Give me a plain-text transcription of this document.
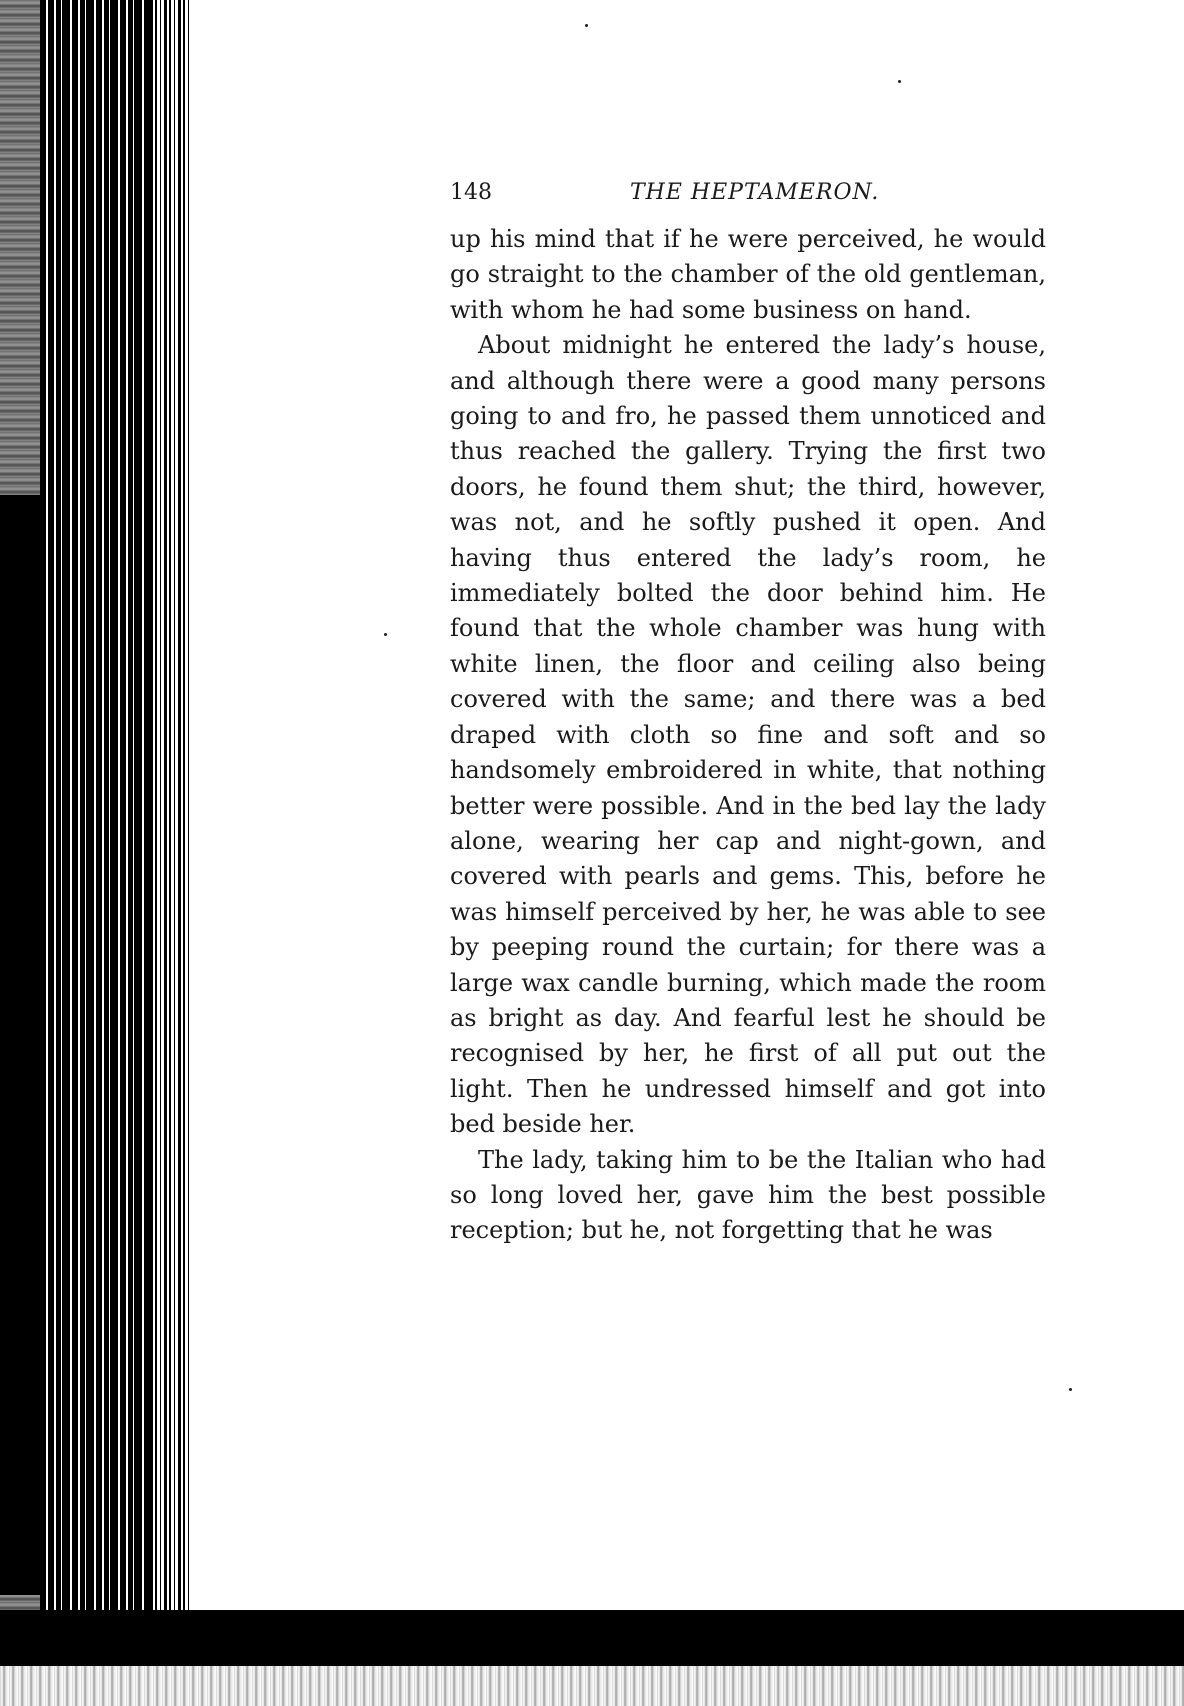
148	THE HEPTAMERON.

up his mind that if he were perceived, he would go straight to the chamber of the old gentleman, with whom he had some business on hand.

About midnight he entered the lady’s house, and although there were a good many persons going to and fro, he passed them unnoticed and thus reached the gallery. Trying the first two doors, he found them shut; the third, however, was not, and he softly pushed it open. And having thus entered the lady’s room, he immediately bolted the door behind him. He found that the whole chamber was hung with white linen, the floor and ceiling also being covered with the same; and there was a bed draped with cloth so fine and soft and so handsomely embroidered in white, that nothing better were possible. And in the bed lay the lady alone, wearing her cap and night-gown, and covered with pearls and gems. This, before he was himself perceived by her, he was able to see by peeping round the curtain; for there was a large wax candle burning, which made the room as bright as day. And fearful lest he should be recognised by her, he first of all put out the light. Then he undressed himself and got into bed beside her.

The lady, taking him to be the Italian who had so long loved her, gave him the best possible reception; but he, not forgetting that he was
